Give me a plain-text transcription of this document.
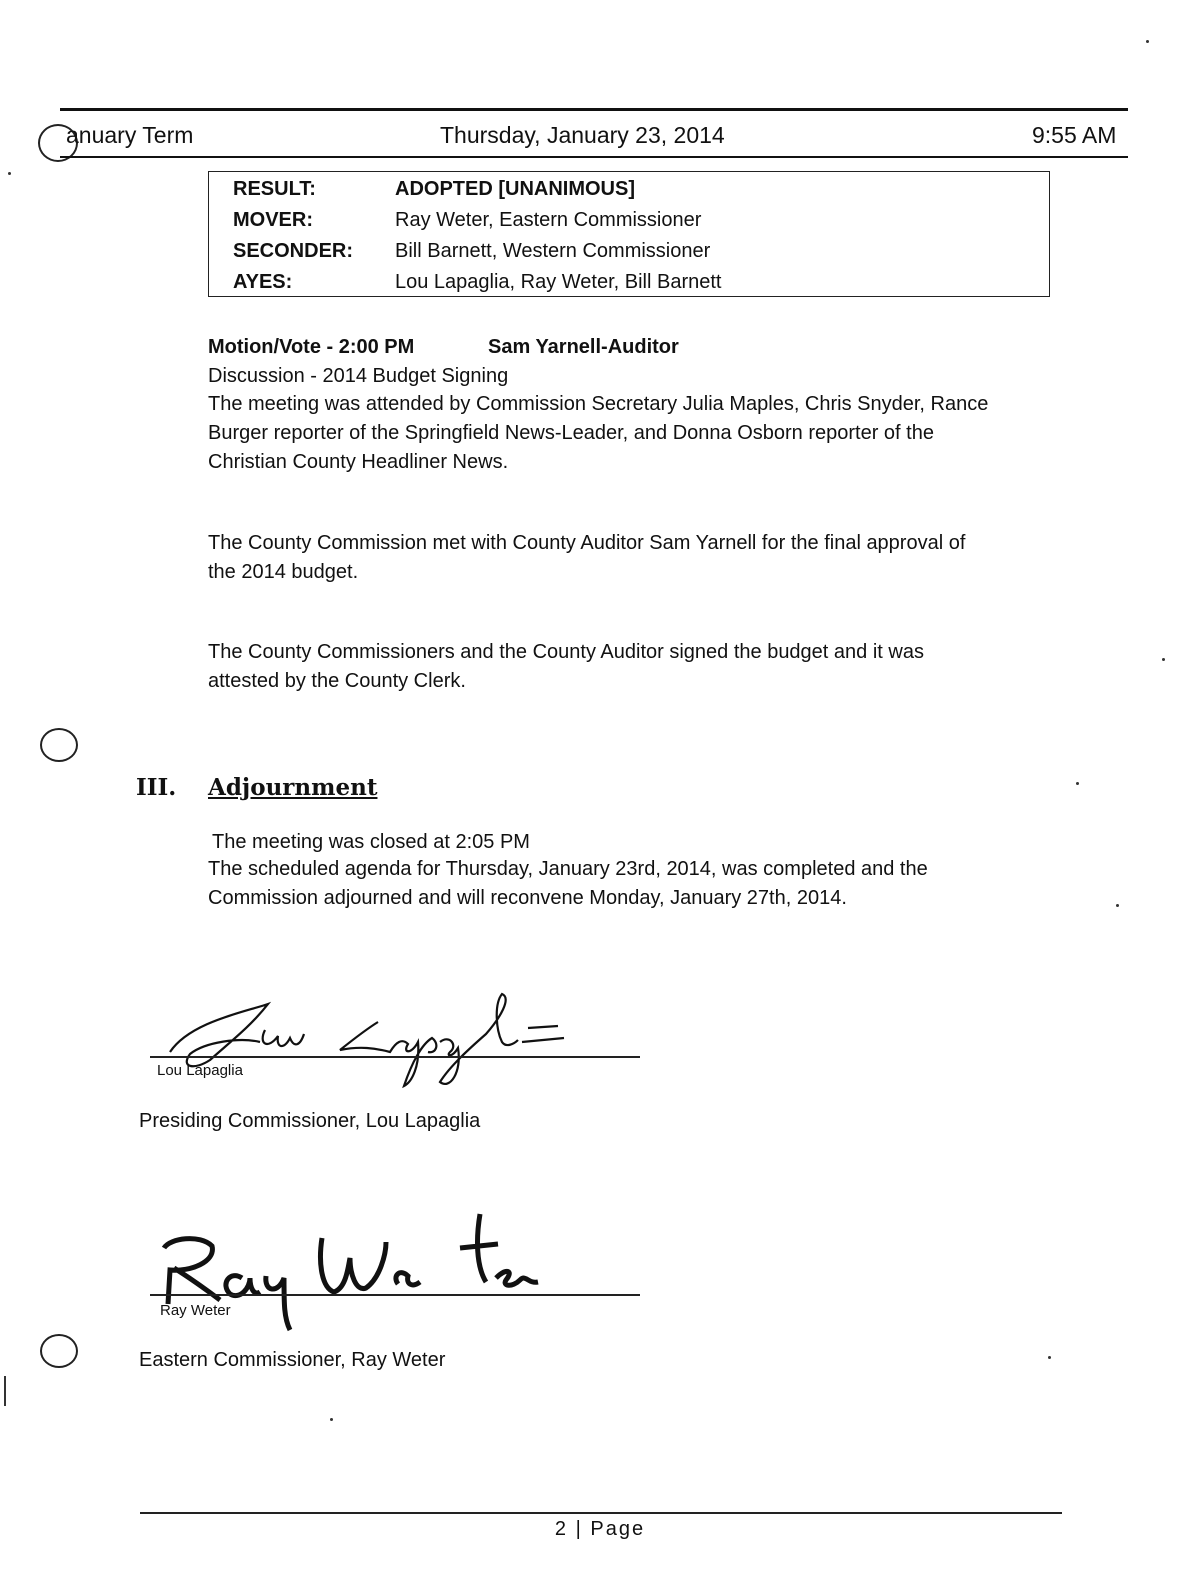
anuary Term	Thursday, January 23, 2014	9:55 AM
RESULT:	ADOPTED [UNANIMOUS]
MOVER:	Ray Weter, Eastern Commissioner
SECONDER: Bill Barnett, Western Commissioner
AYES:	Lou Lapaglia, Ray Weter, Bill Barnett
Motion/Vote - 2:00 PM	Sam Yarnell-Auditor
Discussion - 2014 Budget Signing
The meeting was attended by Commission Secretary Julia Maples, Chris Snyder, Rance
Burger reporter of the Springfield News-Leader, and Donna Osborn reporter of the
Christian County Headliner News.
The County Commission met with County Auditor Sam Yarnell for the final approval of
the 2014 budget.
The County Commissioners and the County Auditor signed the budget and it was
attested by the County Clerk.
III. Adjournment
The meeting was closed at 2:05 PM
The scheduled agenda for Thursday, January 23rd, 2014, was completed and the
Commission adjourned and will reconvene Monday, January 27th, 2014.
Lou Lapaglia
Presiding Commissioner, Lou Lapaglia
Ray Weter
Eastern Commissioner, Ray Weter
2 | Page
